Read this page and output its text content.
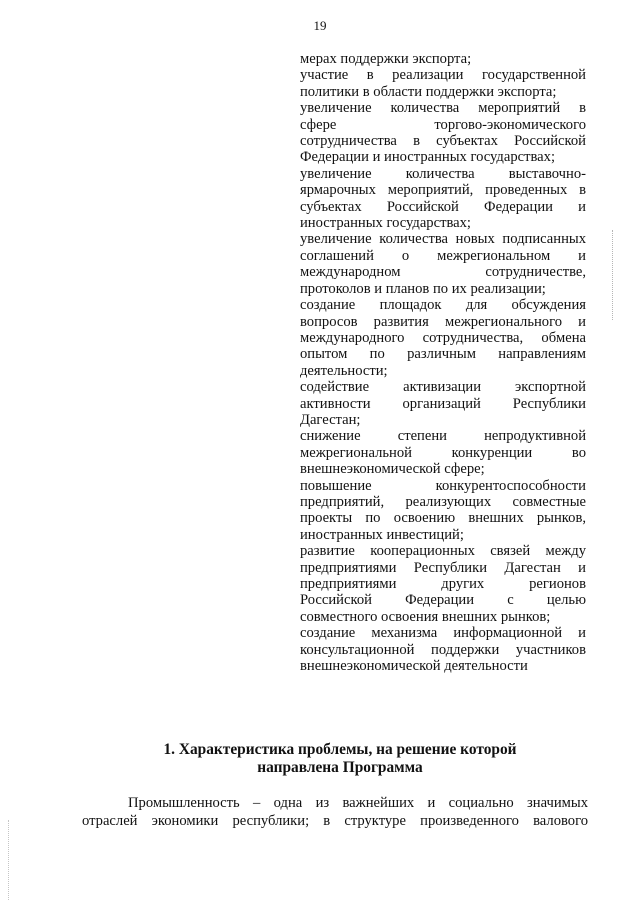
19
мерах поддержки экспорта;
участие в реализации государственной
политики в области поддержки экспорта;
увеличение количества мероприятий в
сфере торгово-экономического
сотрудничества в субъектах Российской
Федерации и иностранных государствах;
увеличение количества выставочно-
ярмарочных мероприятий, проведенных в
субъектах Российской Федерации и
иностранных государствах;
увеличение количества новых подписанных
соглашений о межрегиональном и
международном сотрудничестве,
протоколов и планов по их реализации;
создание площадок для обсуждения
вопросов развития межрегионального и
международного сотрудничества, обмена
опытом по различным направлениям
деятельности;
содействие активизации экспортной
активности организаций Республики
Дагестан;
снижение степени непродуктивной
межрегиональной конкуренции во
внешнеэкономической сфере;
повышение конкурентоспособности
предприятий, реализующих совместные
проекты по освоению внешних рынков,
иностранных инвестиций;
развитие кооперационных связей между
предприятиями Республики Дагестан и
предприятиями других регионов
Российской Федерации с целью
совместного освоения внешних рынков;
создание механизма информационной и
консультационной поддержки участников
внешнеэкономической деятельности
1. Характеристика проблемы, на решение которой
направлена Программа
Промышленность – одна из важнейших и социально значимых
отраслей экономики республики; в структуре произведенного валового
